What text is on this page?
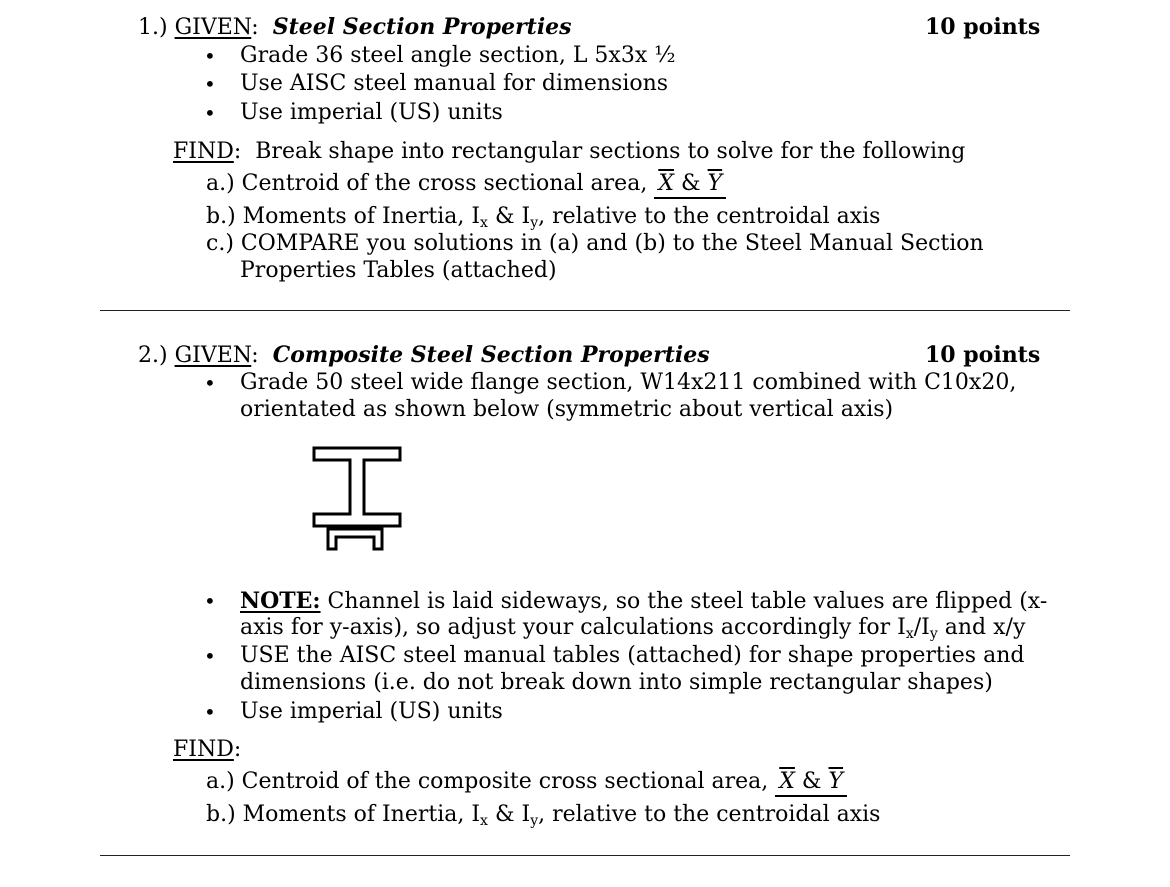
1.) GIVEN: Steel Section Properties	10 points
• Grade 36 steel angle section, L 5x3x ½
• Use AISC steel manual for dimensions
• Use imperial (US) units
FIND: Break shape into rectangular sections to solve for the following
a.) Centroid of the cross sectional area, $\overline{X}$ & $\overline{Y}$
b.) Moments of Inertia, $I_x$ & $I_y$, relative to the centroidal axis
c.) COMPARE you solutions in (a) and (b) to the Steel Manual Section
Properties Tables (attached)
2.) GIVEN: Composite Steel Section Properties	10 points
• Grade 50 steel wide flange section, W14x211 combined with C10x20,
orientated as shown below (symmetric about vertical axis)
• NOTE: Channel is laid sideways, so the steel table values are flipped (x-
axis for y-axis), so adjust your calculations accordingly for $I_x/I_y$ and x/y
• USE the AISC steel manual tables (attached) for shape properties and
dimensions (i.e. do not break down into simple rectangular shapes)
• Use imperial (US) units
FIND:
a.) Centroid of the composite cross sectional area, $\overline{X}$ & $\overline{Y}$
b.) Moments of Inertia, $I_x$ & $I_y$, relative to the centroidal axis
